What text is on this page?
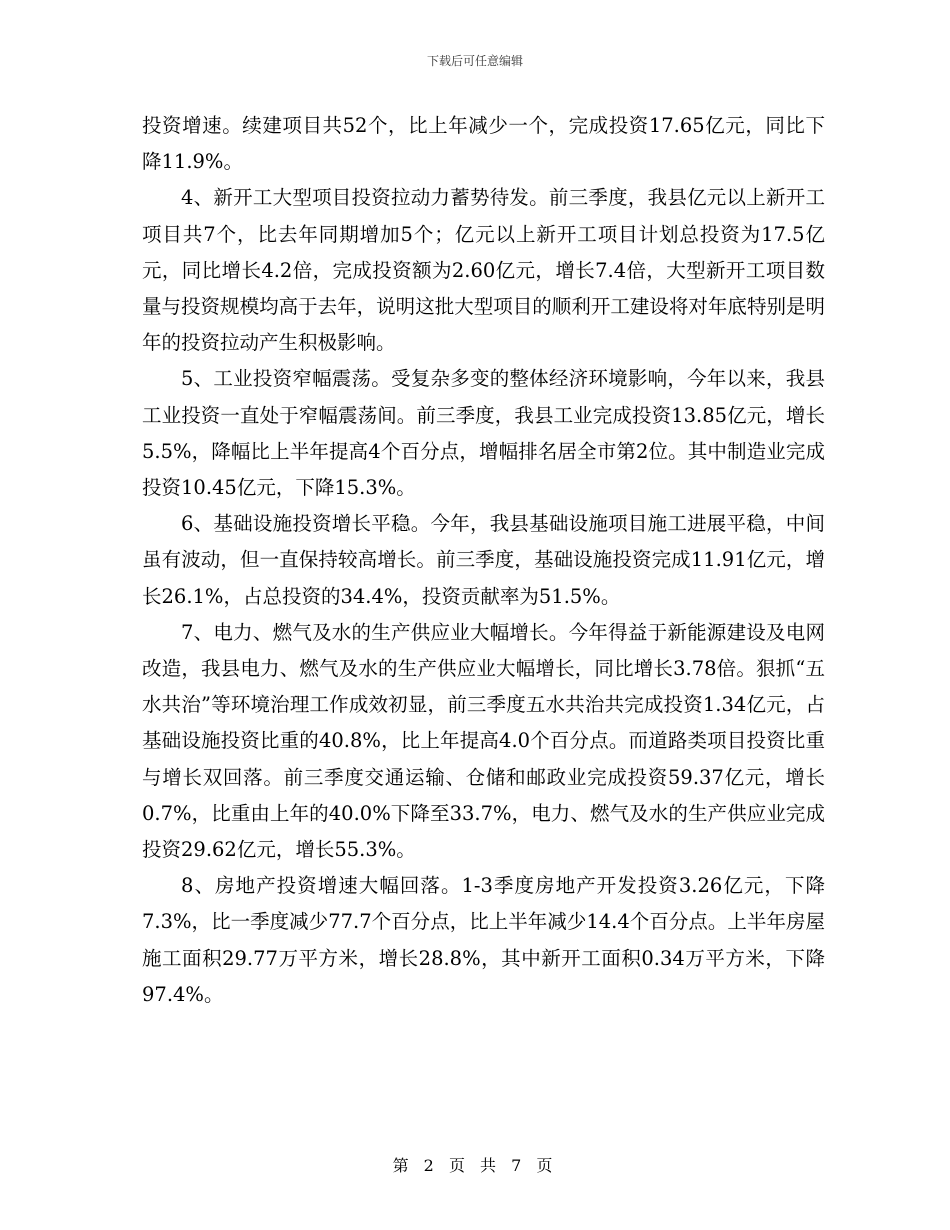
下载后可任意编辑

投资增速。续建项目共52个，比上年减少一个，完成投资17.65亿元，同比下降11.9%。

4、新开工大型项目投资拉动力蓄势待发。前三季度，我县亿元以上新开工项目共7个，比去年同期增加5个；亿元以上新开工项目计划总投资为17.5亿元，同比增长4.2倍，完成投资额为2.60亿元，增长7.4倍，大型新开工项目数量与投资规模均高于去年，说明这批大型项目的顺利开工建设将对年底特别是明年的投资拉动产生积极影响。

5、工业投资窄幅震荡。受复杂多变的整体经济环境影响，今年以来，我县工业投资一直处于窄幅震荡间。前三季度，我县工业完成投资13.85亿元，增长5.5%，降幅比上半年提高4个百分点，增幅排名居全市第2位。其中制造业完成投资10.45亿元，下降15.3%。

6、基础设施投资增长平稳。今年，我县基础设施项目施工进展平稳，中间虽有波动，但一直保持较高增长。前三季度，基础设施投资完成11.91亿元，增长26.1%，占总投资的34.4%，投资贡献率为51.5%。

7、电力、燃气及水的生产供应业大幅增长。今年得益于新能源建设及电网改造，我县电力、燃气及水的生产供应业大幅增长，同比增长3.78倍。狠抓“五水共治”等环境治理工作成效初显，前三季度五水共治共完成投资1.34亿元，占基础设施投资比重的40.8%，比上年提高4.0个百分点。而道路类项目投资比重与增长双回落。前三季度交通运输、仓储和邮政业完成投资59.37亿元，增长0.7%，比重由上年的40.0%下降至33.7%，电力、燃气及水的生产供应业完成投资29.62亿元，增长55.3%。

8、房地产投资增速大幅回落。1-3季度房地产开发投资3.26亿元，下降7.3%，比一季度减少77.7个百分点，比上半年减少14.4个百分点。上半年房屋施工面积29.77万平方米，增长28.8%，其中新开工面积0.34万平方米，下降97.4%。

第 2 页 共 7 页
